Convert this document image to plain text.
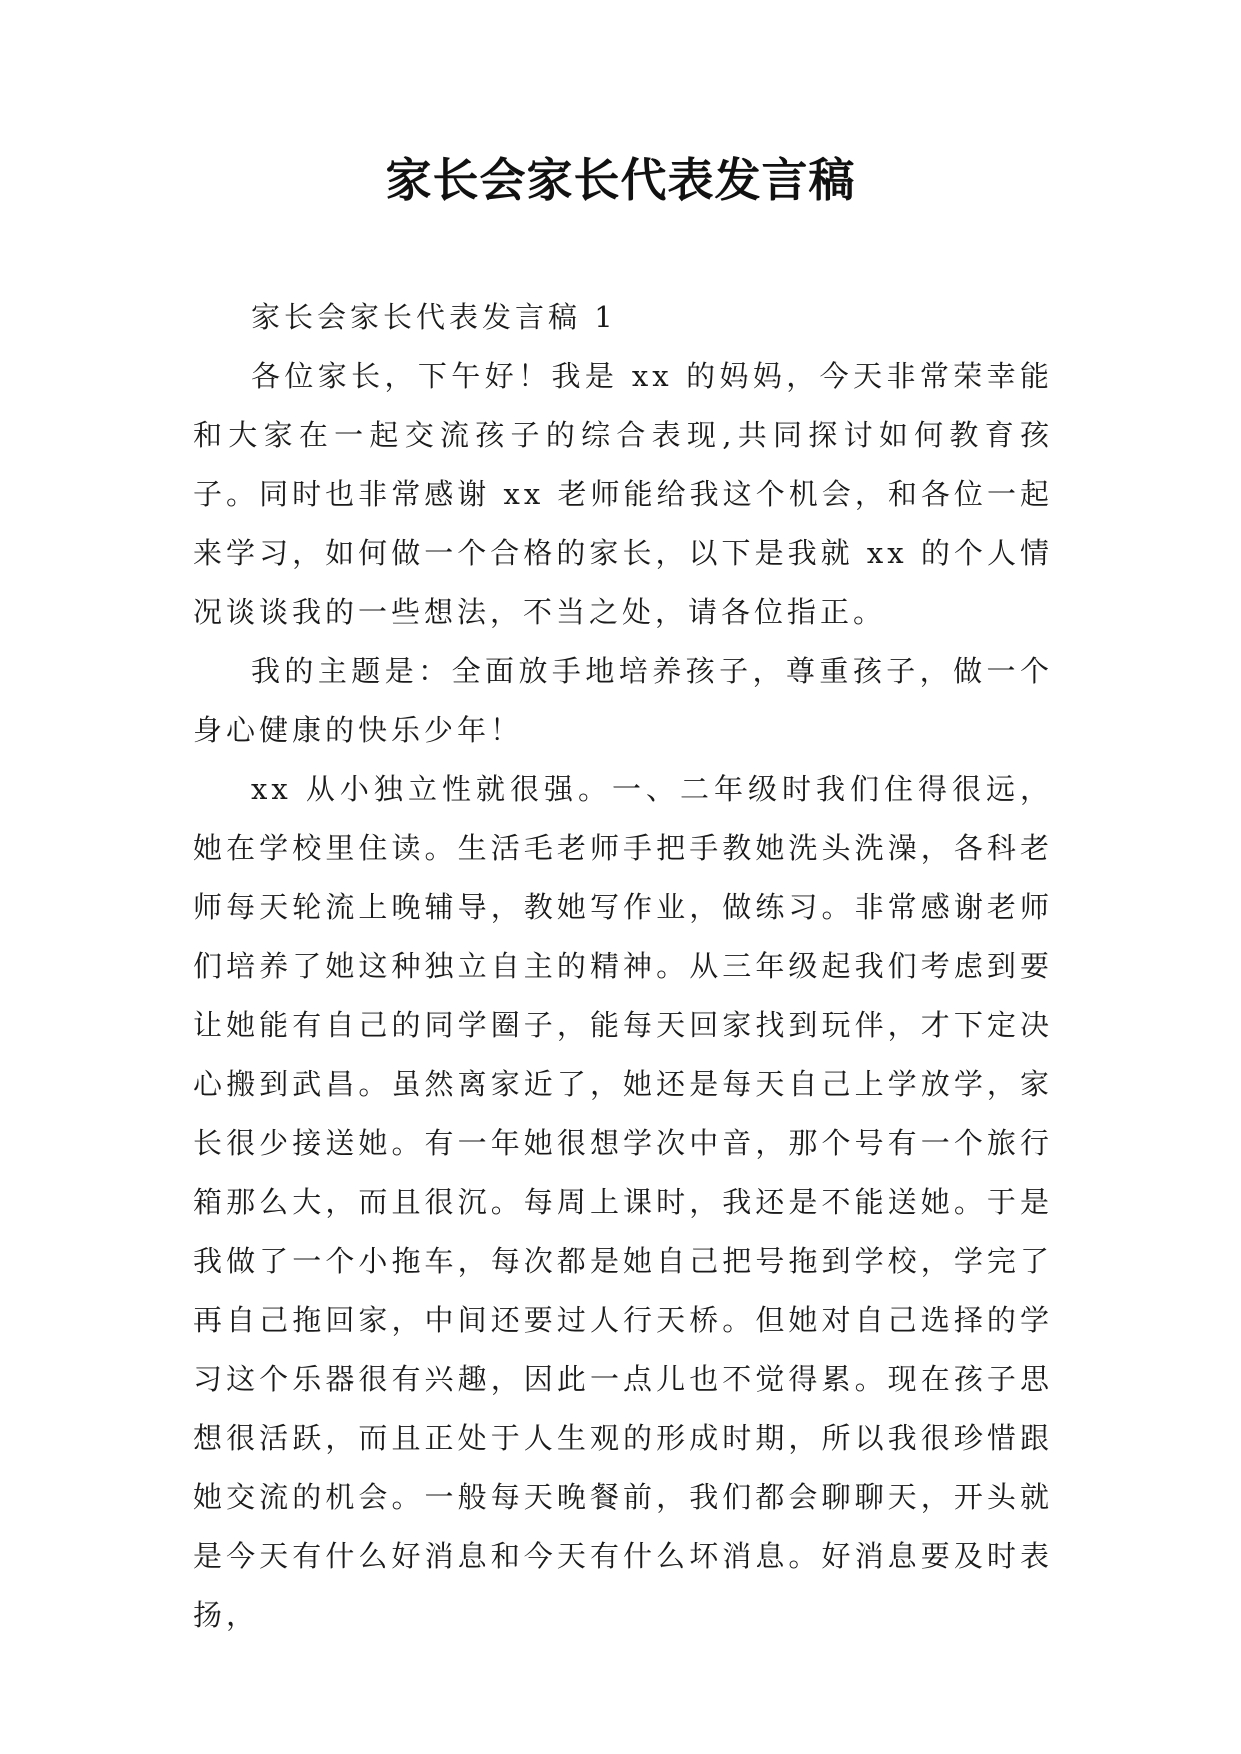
家长会家长代表发言稿

家长会家长代表发言稿 1

各位家长，下午好！我是 xx 的妈妈，今天非常荣幸能和大家在一起交流孩子的综合表现,共同探讨如何教育孩子。同时也非常感谢 xx 老师能给我这个机会，和各位一起来学习，如何做一个合格的家长，以下是我就 xx 的个人情况谈谈我的一些想法，不当之处，请各位指正。

我的主题是：全面放手地培养孩子，尊重孩子，做一个身心健康的快乐少年！

xx 从小独立性就很强。一、二年级时我们住得很远，她在学校里住读。生活毛老师手把手教她洗头洗澡，各科老师每天轮流上晚辅导，教她写作业，做练习。非常感谢老师们培养了她这种独立自主的精神。从三年级起我们考虑到要让她能有自己的同学圈子，能每天回家找到玩伴，才下定决心搬到武昌。虽然离家近了，她还是每天自己上学放学，家长很少接送她。有一年她很想学次中音，那个号有一个旅行箱那么大，而且很沉。每周上课时，我还是不能送她。于是我做了一个小拖车，每次都是她自己把号拖到学校，学完了再自己拖回家，中间还要过人行天桥。但她对自己选择的学习这个乐器很有兴趣，因此一点儿也不觉得累。现在孩子思想很活跃，而且正处于人生观的形成时期，所以我很珍惜跟她交流的机会。一般每天晚餐前，我们都会聊聊天，开头就是今天有什么好消息和今天有什么坏消息。好消息要及时表扬，
